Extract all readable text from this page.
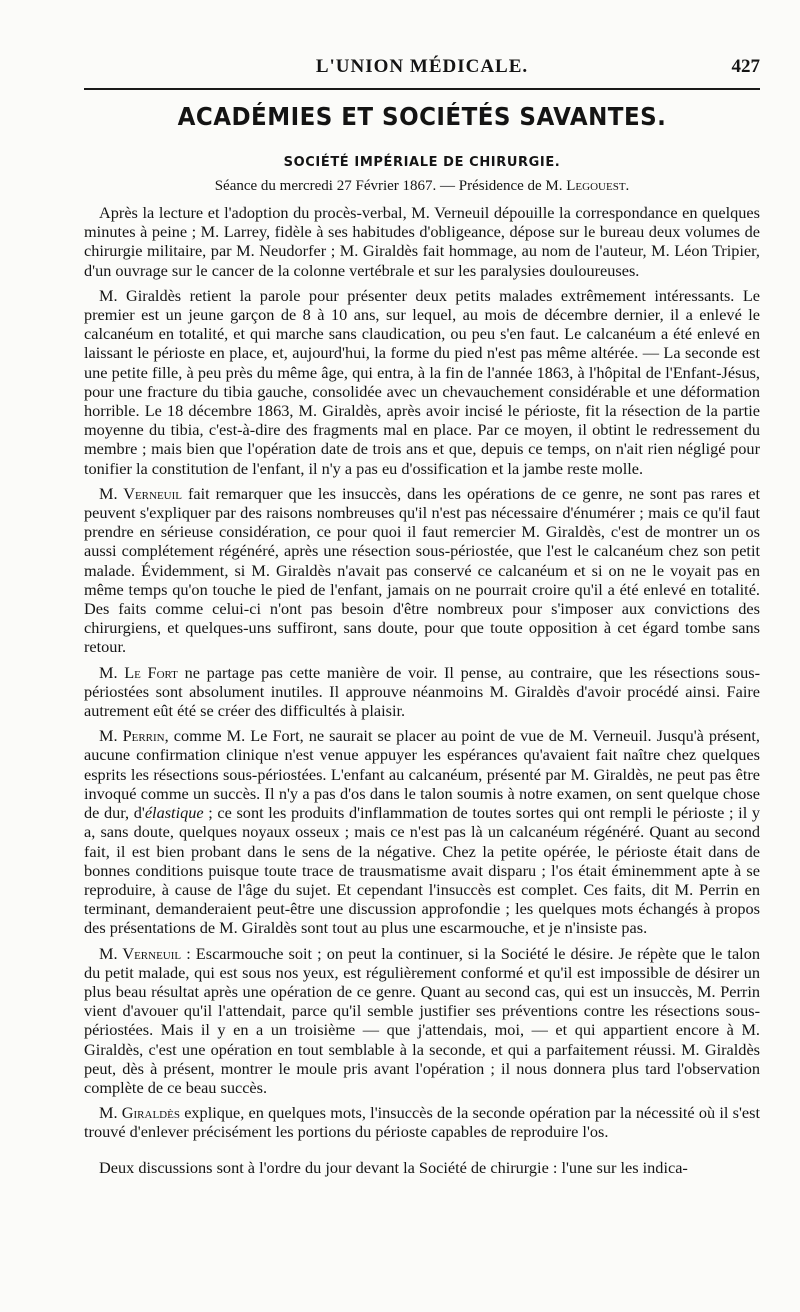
L'UNION MÉDICALE.	427
ACADÉMIES ET SOCIÉTÉS SAVANTES.
SOCIÉTÉ IMPÉRIALE DE CHIRURGIE.
Séance du mercredi 27 Février 1867. — Présidence de M. Legouest.

Après la lecture et l'adoption du procès-verbal, M. Verneuil dépouille la correspondance en quelques minutes à peine ; M. Larrey, fidèle à ses habitudes d'obligeance, dépose sur le bureau deux volumes de chirurgie militaire, par M. Neudorfer ; M. Giraldès fait hommage, au nom de l'auteur, M. Léon Tripier, d'un ouvrage sur le cancer de la colonne vertébrale et sur les paralysies douloureuses.

M. Giraldès retient la parole pour présenter deux petits malades extrêmement intéressants. Le premier est un jeune garçon de 8 à 10 ans, sur lequel, au mois de décembre dernier, il a enlevé le calcanéum en totalité, et qui marche sans claudication, ou peu s'en faut. Le calcanéum a été enlevé en laissant le périoste en place, et, aujourd'hui, la forme du pied n'est pas même altérée. — La seconde est une petite fille, à peu près du même âge, qui entra, à la fin de l'année 1863, à l'hôpital de l'Enfant-Jésus, pour une fracture du tibia gauche, consolidée avec un chevauchement considérable et une déformation horrible. Le 18 décembre 1863, M. Giraldès, après avoir incisé le périoste, fit la résection de la partie moyenne du tibia, c'est-à-dire des fragments mal en place. Par ce moyen, il obtint le redressement du membre ; mais bien que l'opération date de trois ans et que, depuis ce temps, on n'ait rien négligé pour tonifier la constitution de l'enfant, il n'y a pas eu d'ossification et la jambe reste molle.

M. Verneuil fait remarquer que les insuccès, dans les opérations de ce genre, ne sont pas rares et peuvent s'expliquer par des raisons nombreuses qu'il n'est pas nécessaire d'énumérer ; mais ce qu'il faut prendre en sérieuse considération, ce pour quoi il faut remercier M. Giraldès, c'est de montrer un os aussi complétement régénéré, après une résection sous-périostée, que l'est le calcanéum chez son petit malade. Évidemment, si M. Giraldès n'avait pas conservé ce calcanéum et si on ne le voyait pas en même temps qu'on touche le pied de l'enfant, jamais on ne pourrait croire qu'il a été enlevé en totalité. Des faits comme celui-ci n'ont pas besoin d'être nombreux pour s'imposer aux convictions des chirurgiens, et quelques-uns suffiront, sans doute, pour que toute opposition à cet égard tombe sans retour.

M. Le Fort ne partage pas cette manière de voir. Il pense, au contraire, que les résections sous-périostées sont absolument inutiles. Il approuve néanmoins M. Giraldès d'avoir procédé ainsi. Faire autrement eût été se créer des difficultés à plaisir.

M. Perrin, comme M. Le Fort, ne saurait se placer au point de vue de M. Verneuil. Jusqu'à présent, aucune confirmation clinique n'est venue appuyer les espérances qu'avaient fait naître chez quelques esprits les résections sous-périostées. L'enfant au calcanéum, présenté par M. Giraldès, ne peut pas être invoqué comme un succès. Il n'y a pas d'os dans le talon soumis à notre examen, on sent quelque chose de dur, d'élastique ; ce sont les produits d'inflammation de toutes sortes qui ont rempli le périoste ; il y a, sans doute, quelques noyaux osseux ; mais ce n'est pas là un calcanéum régénéré. Quant au second fait, il est bien probant dans le sens de la négative. Chez la petite opérée, le périoste était dans de bonnes conditions puisque toute trace de trausmatisme avait disparu ; l'os était éminemment apte à se reproduire, à cause de l'âge du sujet. Et cependant l'insuccès est complet. Ces faits, dit M. Perrin en terminant, demanderaient peut-être une discussion approfondie ; les quelques mots échangés à propos des présentations de M. Giraldès sont tout au plus une escarmouche, et je n'insiste pas.

M. Verneuil : Escarmouche soit ; on peut la continuer, si la Société le désire. Je répète que le talon du petit malade, qui est sous nos yeux, est régulièrement conformé et qu'il est impossible de désirer un plus beau résultat après une opération de ce genre. Quant au second cas, qui est un insuccès, M. Perrin vient d'avouer qu'il l'attendait, parce qu'il semble justifier ses préventions contre les résections sous-périostées. Mais il y en a un troisième — que j'attendais, moi, — et qui appartient encore à M. Giraldès, c'est une opération en tout semblable à la seconde, et qui a parfaitement réussi. M. Giraldès peut, dès à présent, montrer le moule pris avant l'opération ; il nous donnera plus tard l'observation complète de ce beau succès.

M. Giraldès explique, en quelques mots, l'insuccès de la seconde opération par la nécessité où il s'est trouvé d'enlever précisément les portions du périoste capables de reproduire l'os.

Deux discussions sont à l'ordre du jour devant la Société de chirurgie : l'une sur les indica-
